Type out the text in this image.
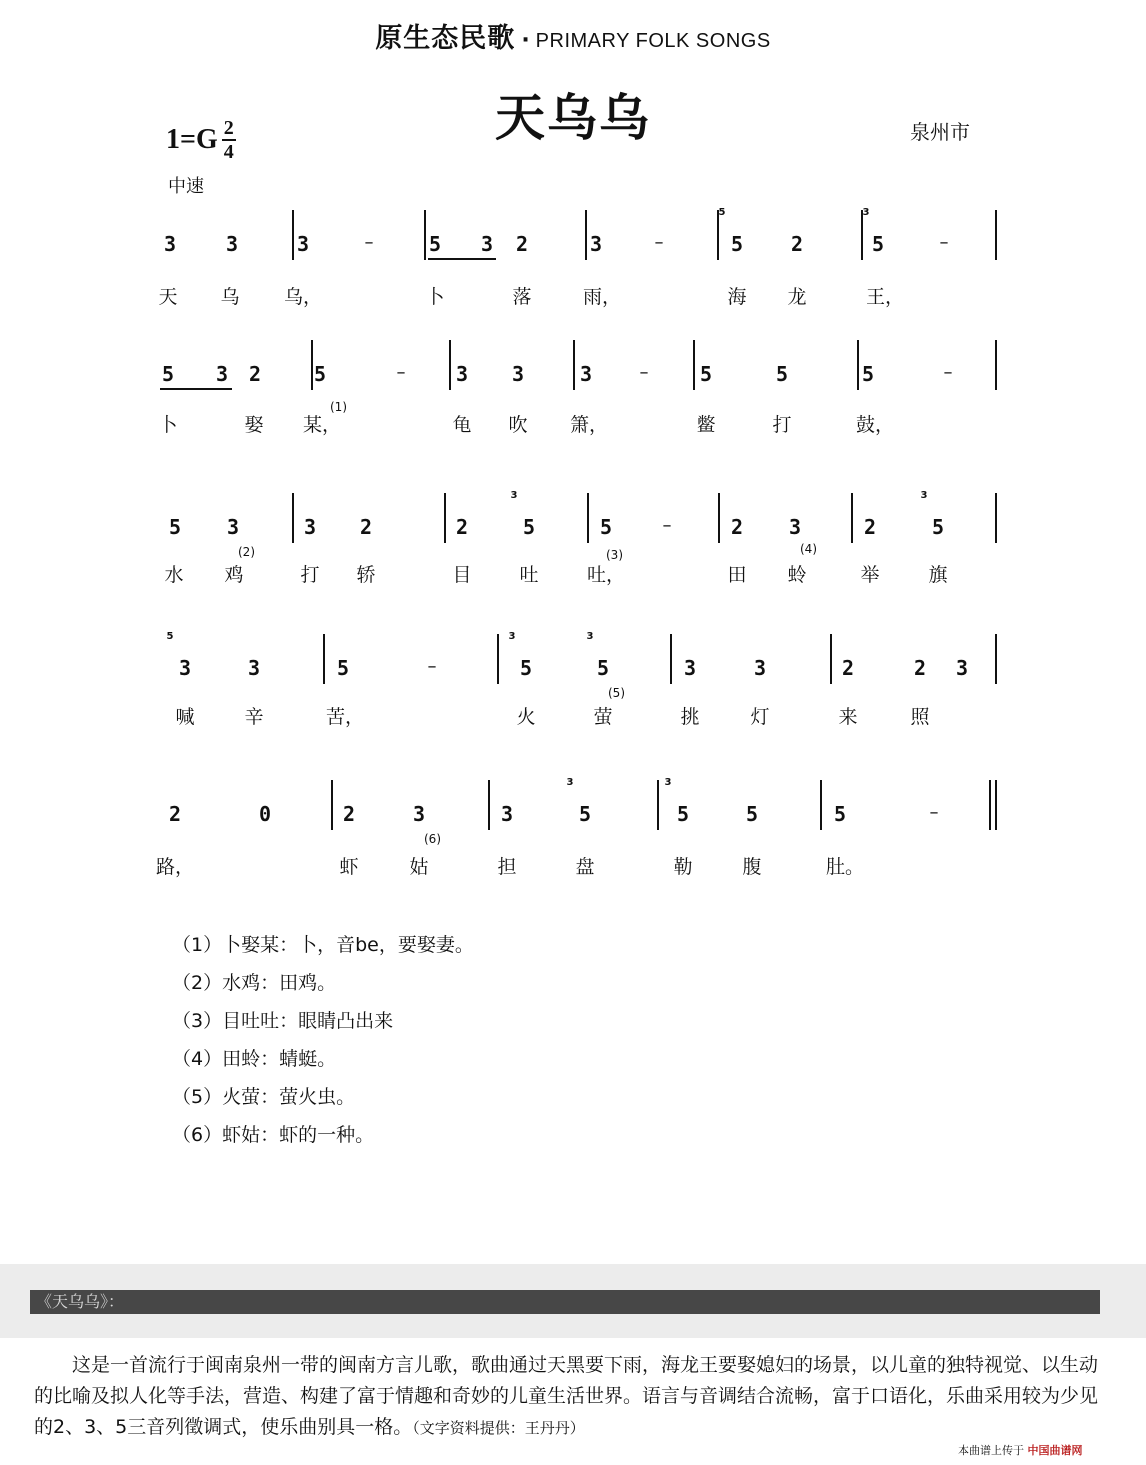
原生态民歌 · PRIMARY FOLK SONGS
天乌乌
$1=G \frac{2}{4}$	泉州市
中速
3 3	3	5 3 2	3	5 2	5
–	–	–
5	3
5 3 2	5	3 3	3	5	5	5
–	–	–
5 3	3 2	2	5	5	2 3	2	5
–
3	3
3	3	5	5	5	3	3	2	2 3
–
5	3	3
2	0	2	3	3	5	5	5	5	–
3	3
天 乌 乌，	卜	落	雨，	海 龙	王，
卜	娶 某，	龟 吹 箫，	鳖	打	鼓，
水 鸡	打 轿	目	吐	吐，	田 蛉	举	旗
喊	辛	苦，	火	萤	挑	灯	来	照
路，	虾	姑	担	盘	勒	腹	肚。
(1)
(2)	(3)	(4)
(5)
(6)
（1）卜娶某：卜，音be，要娶妻。
（2）水鸡：田鸡。
（3）目吐吐：眼睛凸出来
（4）田蛉：蜻蜓。
（5）火萤：萤火虫。
（6）虾姑：虾的一种。
《天乌乌》：
这是一首流行于闽南泉州一带的闽南方言儿歌，歌曲通过天黑要下雨，海龙王要娶媳妇的场景，以儿童的独特视觉、以生动的比喻及拟人化等手法，营造、构建了富于情趣和奇妙的儿童生活世界。语言与音调结合流畅，富于口语化，乐曲采用较为少见的2、3、5三音列徵调式，使乐曲别具一格。（文字资料提供：王丹丹）
本曲谱上传于 中国曲谱网
